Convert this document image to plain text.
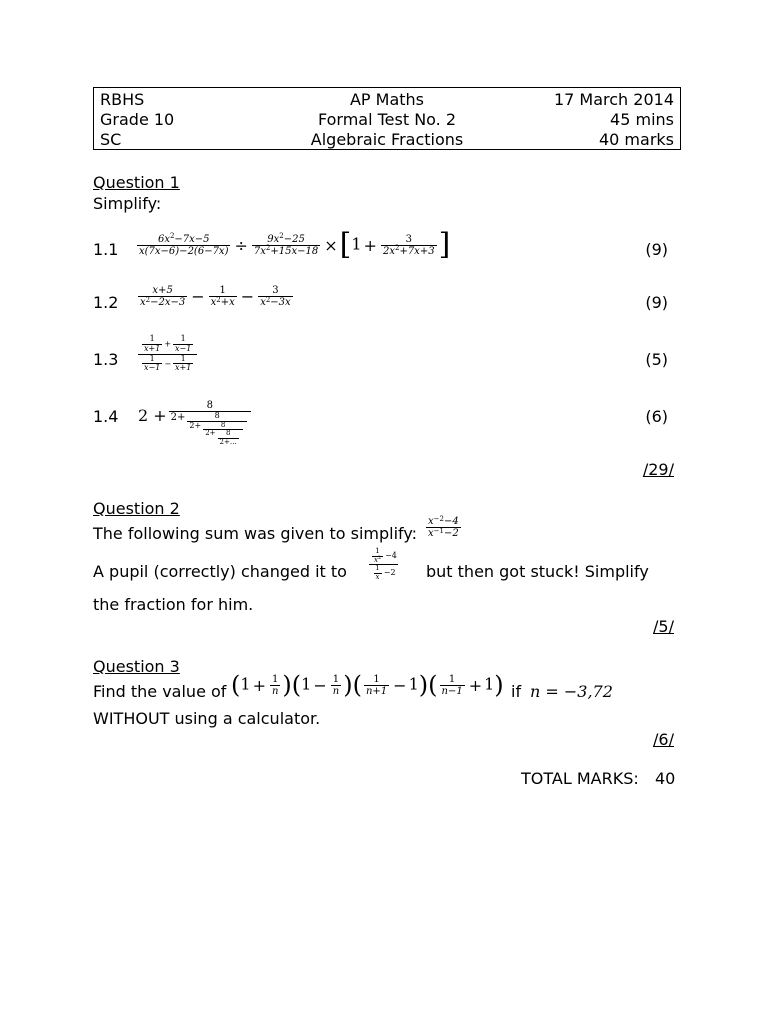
RBHS	AP Maths	17 March 2014
Grade 10	Formal Test No. 2	45 mins
SC	Algebraic Fractions	40 marks
Question 1
Simplify:
$1.1 \frac{6x^2-7x-5}{x(7x-6)-2(6-7x)} \div \frac{9x^2-25}{7x^2+15x-18} \times[1 + \frac{3}{2x^2+7x+3}$ ]	(9)
$1.2 \frac{x+5}{x^2-2x-3} - \frac{1}{x^2+x} - \frac{3}{x^2-3x}$	(9)
$1.3 \frac{\frac{1}{x+1} + \frac{1}{x-1}}{\frac{1}{x-1} - \frac{1}{x+1}}$	(5)
1.4 $2 + \frac{8}{2+ \frac{8}{2+ \frac{8}{2+ \frac{8}{2+\dots}}}}$	(6)
/29/
Question 2
The following sum was given to simplify: $\frac{x^{-2}-4}{x^{-1}-2}$
A pupil (correctly) changed it to	$\frac{\frac{1}{x^2} -4}{\frac{1}{x} -2}$ but then got stuck! Simplify
the fraction for him.
/5/
Question 3
Find the value of $(1 + \frac{1}{n} )(1 - \frac{1}{n}$ )( $\frac{1}{n+1} - 1)( \frac{1}{n-1} + 1)$ if n = −3,72
WITHOUT using a calculator.
/6/
TOTAL MARKS: 40
